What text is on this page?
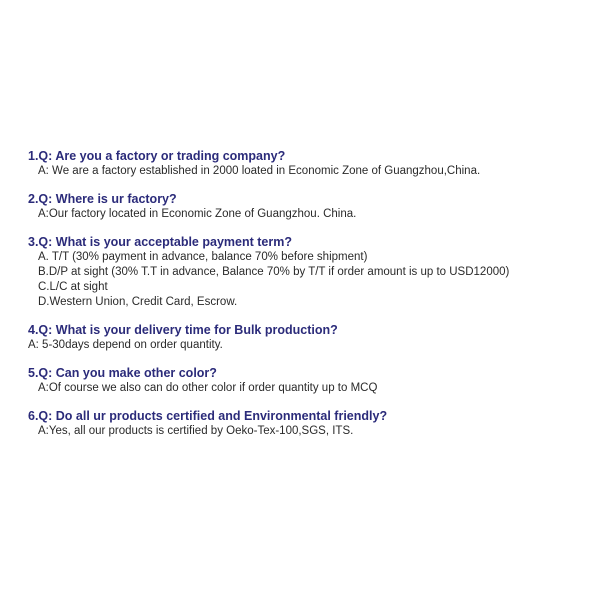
1.Q: Are you a factory or trading company?
A: We are a factory established in 2000 loated in Economic Zone of Guangzhou,China.
2.Q: Where is ur factory?
A:Our factory located in Economic Zone of Guangzhou. China.
3.Q: What is your acceptable payment term?
A. T/T (30% payment in advance, balance 70% before shipment)
B.D/P at sight (30% T.T in advance, Balance 70% by T/T if order amount is up to USD12000)
C.L/C at sight
D.Western Union, Credit Card, Escrow.
4.Q: What is your delivery time for Bulk production?
A: 5-30days depend on order quantity.
5.Q: Can you make other color?
A:Of course we also can do other color if order quantity up to MCQ
6.Q: Do all ur products certified and Environmental friendly?
A:Yes, all our products is certified by Oeko-Tex-100,SGS, ITS.
